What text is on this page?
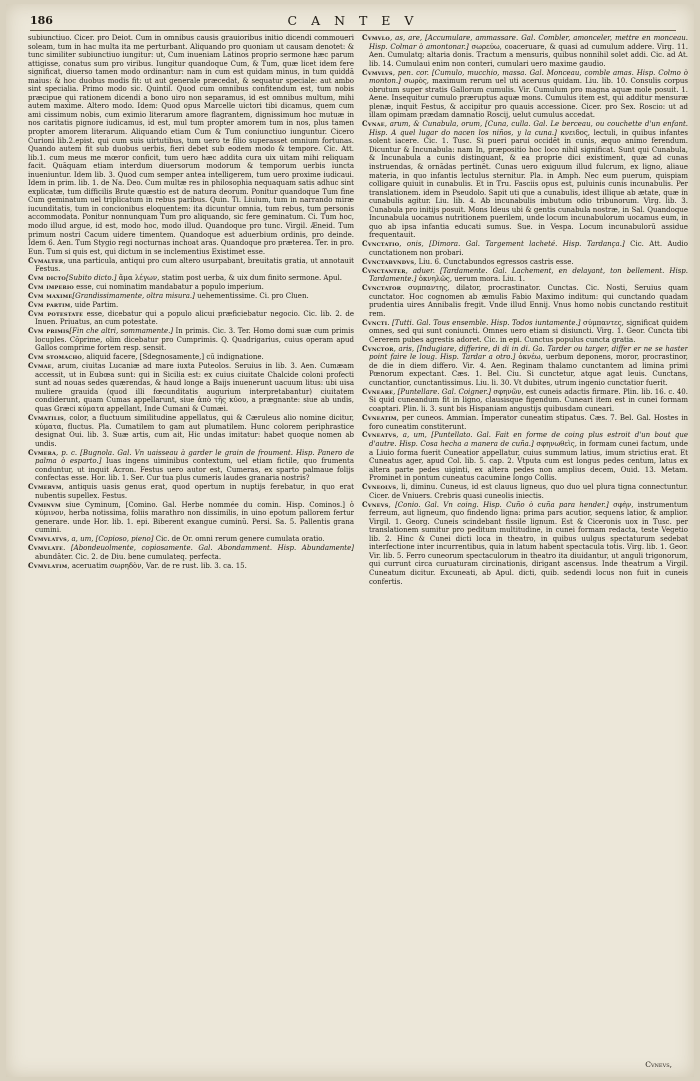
186	C A N T E V

subiunctiuo. Cicer. pro Deiot. Cum in omnibus causis grauioribus initio dicendi commoueri soleam, tum in hac multa ita me perturbant. Aliquando pro quoniam ut causam denotet: & tunc similiter subiunctiuo iungitur: ut, Cum inueniam Latinos proprio sermone hæc parum attigisse, conatus sum pro viribus. Iungitur quandoque Cum, & Tum, quæ licet idem fere significat, diuerso tamen modo ordinantur: nam in cum est quidam minus, in tum quiddā maius: & hoc duobus modis fit: ut aut generale præcedat, & sequatur speciale: aut ambo sint specialia. Primo modo sic. Quintil. Quod cum omnibus confitendum est, tum nobis præcipue qui rationem dicendi a bono uiro non separamus, id est omnibus multum, mihi autem maxime. Altero modo. Idem: Quod opus Marcelle uictori tibi dicamus, quem cum ami cissimum nobis, cum eximio literarum amore flagrantem, dignissimum hoc mutuæ in nos caritatis pignore iudicamus, id est, mul tum propter amorem tum in nos, plus tamen propter amorem literarum. Aliquando etiam Cum & Tum coniunctiuo iunguntur. Cicero Curioni lib.2.epist. qui cum suis uirtutibus, tum uero te filio superasset omnium fortunas. Quando autem fit sub duobus uerbis, fieri debet sub eodem modo & tempore. Cic. Att. lib.1. cum meus me mœror conficit, tum uero hæc addita cura uix uitam mihi reliquam facit. Quāquam etiam interdum diuersorum modorum & temporum uerbis iuncta inueniuntur. Idem lib. 3. Quod cum semper antea intelligerem, tum uero proxime iudicaui. Idem in prim. lib. 1. de Na. Deo. Cum multæ res in philosophia nequaquam satis adhuc sint explicatæ, tum difficilis Brute quæstio est de natura deorum. Ponitur quandoque Tum fine Cum geminatum uel triplicatum in rebus paribus. Quin. Ti. Liuium, tum in narrando miræ iucunditatis, tum in concionibus eloquentem: ita dicuntur omnia, tum rebus, tum personis accommodata. Ponitur nonnunquam Tum pro aliquando, sic fere geminatum. Ci. Tum hoc, modo illud argue, id est, modo hoc, modo illud. Quandoque pro tunc. Virgil. Æneid. Tum primum nostri Cacum uidere timentem. Quandoque est aduerbium ordinis, pro deinde. Idem 6. Aen. Tum Stygio regi nocturnas inchoat aras. Quandoque pro præterea. Ter. in pro. Eun. Tum si quis est, qui dictum in se inclementius Existimet esse.

Cvmalter, una particula, antiqui pro cum altero usurpabant, breuitatis gratia, ut annotauit Festus.

Cvm dicto[Subito dicto.] ἅμα λέγων, statim post uerba, & uix dum finito sermone. Apul.

Cvm imperio esse, cui nominatim mandabatur a populo imperium.

Cvm maxime[Grandissimamente, oltra misura.] uehementissime. Ci. pro Cluen.

Cvm partim, uide Partim.

Cvm potestate esse, dicebatur qui a populo alicui præficiebatur negocio. Cic. lib. 2. de Inuen. Priuatus, an cum potestate.

Cvm primis[Fin che altri, sommamente.] In primis. Cic. 3. Ter. Homo domi suæ cum primis locuples. Cōprime, olim dicebatur pro Cumprimis. Q. Quadrigarius, cuius operam apud Gallos comprime fortem resp. sensit.

Cvm stomacho, aliquid facere, [Sdegnosamente,] cū indignatione.

Cvmae, arum, ciuitas Lucaniæ ad mare iuxta Puteolos. Seruius in lib. 3. Aen. Cumæam accessit, ut in Eubœa sunt: qui in Sicilia est: ex cuius ciuitate Chalcide coloni profecti sunt ad nouas sedes quærendas, & haud longe a Baijs inuenerunt uacuum litus: ubi uisa muliere grauida (quod illi fœcunditatis augurium interpretabantur) ciuitatem condiderunt, quam Cumas appellarunt, siue ἀπὸ τῆς κύου, a prægnante: siue ab undis, quas Græci κύματα appellant, Inde Cumani & Cumæi.

Cvmatilis, color, a fluctuum similitudine appellatus, qui & Cæruleus alio nomine dicitur, κύματα, fluctus. Pla. Cumatilem to gam aut plumatilem. Hunc colorem periphrastice designat Oui. lib. 3. Suæ artis, cum ait, Hic undas imitatur: habet quoque nomen ab undis.

Cvmera, p. c. [Bugnola. Gal. Vn uaisseau à garder le grain de froument. Hisp. Panero de palma ò esparto.] Iuas ingens uiminibus contextum, uel etiam fictile, quo frumenta conduntur, ut inquit Acron. Festus uero autor est, Cumeras, ex sparto palmaue folijs confectas esse. Hor. lib. 1. Ser. Cur tua plus cumeris laudes granaria nostris?

Cvmervm, antiquis uasis genus erat, quod opertum in nuptijs ferebatur, in quo erat nubentis supellex. Festus.

Cvminvm siue Cyminum, [Comino. Gal. Herbe nommée du comin. Hisp. Cominos.] ὁ κύμινον, herba notissima, foliis marathro non dissimilis, in uino epotum pallorem fertur generare. unde Hor. lib. 1. epi. Biberent exangue cuminū. Persi. Sa. 5. Pallentis grana cumini.

Cvmvlatvs, a, um, [Copioso, pieno] Cic. de Or. omni rerum genere cumulata oratio.

Cvmvlate. [Abondeuolmente, copiosamente. Gal. Abondamment. Hisp. Abundamente] abundāter. Cic. 2. de Diu. bene cumulateq. perfecta.

Cvmvlatim, aceruatim σωρηδὸν, Var. de re rust. lib. 3. ca. 15.

Cvmvlo, as, are, [Accumulare, ammassare. Gal. Combler, amonceler, mettre en monceau. Hisp. Colmar ò amontonar.] σωρεύω, coaceruare, & quasi ad cumulum addere. Virg. 11. Aen. Cumulatq; altaria donis. Tractum a mensuris, quibus nonnihil solet addi. Cic. ad At. lib. 14. Cumulaui enim non conteri, cumulari uero maxime gaudio.

Cvmvlvs, pen. cor. [Cumulo, mucchio, massa. Gal. Monceau, comble amas. Hisp. Colmo ò monton.] σωρὸς, maximum rerum uel uti aceruus quidam. Liu. lib. 10. Consulis corpus obrutum super stratis Gallorum cumulis. Vir. Cumulum pro magna aquæ mole posuit. 1. Aene. Insequitur cumulo præruptus aquæ mons. Cumulus item est, qui additur mensuræ plenæ, inquit Festus, & accipitur pro quauis accessione. Cicer. pro Sex. Roscio: ut ad illam opimam prædam damnatio Roscij, uelut cumulus accedat.

Cvnae, arum, & Cunabula, orum, [Cuna, culla. Gal. Le berceau, ou couchette d'un enfant. Hisp. A quel lugar do nacen los niños, y la cuna.] κνειδος, lectuli, in quibus infantes solent iacere. Cic. 1. Tusc. Si pueri parui occidēt in cunis, æquo animo ferendum. Dicuntur & Incunabula: nam In, præpositio hoc loco nihil significat. Sunt qui Cunabula, & Incunabula a cunis distinguant, & ea proprie dici existiment, quæ ad cunas instruendas, & ornādas pertinēt. Cunas uero exiguum illud fulcrum, ex ligno, aliaue materia, in quo infantis lectulus sternitur. Pla. in Amph. Nec eum puerum, quispiam colligare quiuit in cunabulis. Et in Tru. Fasciis opus est, puluinis cunis incunabulis. Per translationem. idem in Pseudolo. Sapit uti que a cunabulis, idest illique ab ætate, quæ in cunabulis agitur. Liu. lib. 4. Ab incunabulis imbutum odio tribunorum. Virg. lib. 3. Cunabula pro initijs posuit. Mons Ideus ubi & gentis cunabula nostræ, in Sal. Quandoque Incunabula uocamus nutritionem puerilem, unde locum incunabulorum uocamus eum, in quo ab ipsa infantia educati sumus. Sue. in Vespa. Locum incunabulorū assidue frequentauit.

Cvnctatio, onis, [Dimora. Gal. Targement lacheté. Hisp. Tardança.] Cic. Att. Audio cunctationem non probari.

Cvnctabvndvs, Liu. 6. Cunctabundos egressos castris esse.

Cvnctanter, aduer. [Tardamente. Gal. Lachement, en delayant, ton bellement. Hisp. Tardamente.] ὀκνηλῶς, uerum mora. Liu. 1.

Cvnctator συμπαντης, dilator, procrastinator. Cunctas. Cic. Nosti, Seruius quam cunctator. Hoc cognomen ab æmulis Fabio Maximo inditum: qui cunctando quadam prudentia uires Annibalis fregit. Vnde illud Ennij. Vnus homo nobis cunctando restituit rem.

Cvncti. [Tutti. Gal. Tous ensemble. Hisp. Todos iuntamente.] σύμπαντες, significat quidem omnes, sed qui sunt coniuncti. Omnes uero etiam si disiuncti. Virg. 1. Geor. Cuncta tibi Cererem pubes agrestis adoret. Cic. in epi. Cunctus populus cuncta gratia.

Cvnctor, aris, [Indugiare, differire, di di in di. Ga. Tarder ou targer, differ er ne se haster point faire le loug. Hisp. Tardar a otro.] ὀκνέω, uerbum deponens, moror, procrastinor, de die in diem differo. Vir. 4. Aen. Reginam thalamo cunctantem ad limina primi Pœnorum expectant. Cæs. 1. Bel. Ciu. Si cunctetur, atque agat leuis. Cunctans, cunctantior, cunctantissimus. Liu. li. 30. Vt dubites, utrum ingenio cunctatior fuerit.

Cvneare, [Puntellare. Gal. Coigner.] σφηνῶν, est cuneis adactis firmare. Plin. lib. 16. c. 40. Si quid cuneandum fit in ligno, clausisque figendum. Cuneari item est in cunei formam coaptari. Plin. li. 3. sunt bis Hispaniam angustijs quibusdam cuneari.

Cvneatim, per cuneos. Ammian. Imperator cuneatim stipatus. Cæs. 7. Bel. Gal. Hostes in foro cuneatim constiterunt.

Cvneatvs, a, um, [Puntellato. Gal. Fait en forme de coing plus estroit d'un bout que d'autre. Hisp. Cosa hecha a manera de cuña.] σφηνωθεὶς, in formam cunei factum, unde a Liuio forma fuerit Cuneatior appellatur, cuius summum latius, imum strictius erat. Et Cuneatus ager, apud Col. lib. 5. cap. 2. Vtputa cum est longus pedes centum, latus ex altera parte pedes uiginti, ex altera pedes non amplius decem, Ouid. 13. Metam. Prominet in pontum cuneatus cacumine longo Collis.

Cvneolvs, li, diminu. Cuneus, id est clauus ligneus, quo duo uel plura tigna connectuntur. Cicer. de Vniuers. Crebris quasi cuneolis iniectis.

Cvnevs, [Conio. Gal. Vn coing. Hisp. Cuño ò cuña para hender.] σφὴν, instrumentum ferreum, aut ligneum, quo findendo ligna: prima pars acutior, sequens latior, & amplior. Virgil. 1. Georg. Cuneis scindebant fissile lignum. Est & Ciceronis uox in Tusc. per translationem sumitur pro peditum multitudine, in cunei formam redacta, teste Vegetio lib. 2. Hinc & Cunei dicti loca in theatro, in quibus uulgus spectaturum sedebat interfectione inter incurrentibus, quia in latum habent spectacula totis. Virg. lib. 1. Geor. Vir. lib. 5. Ferro cuneorum spectaculorum in theatro ita diuidantur, ut anguli trigonorum, qui currunt circa curuaturam circinationis, dirigant ascensus. Inde theatrum a Virgil. Cuneatum dicitur. Excuneati, ab Apul. dicti, quib. sedendi locus non fuit in cuneis confertis.

Cvnevs,
